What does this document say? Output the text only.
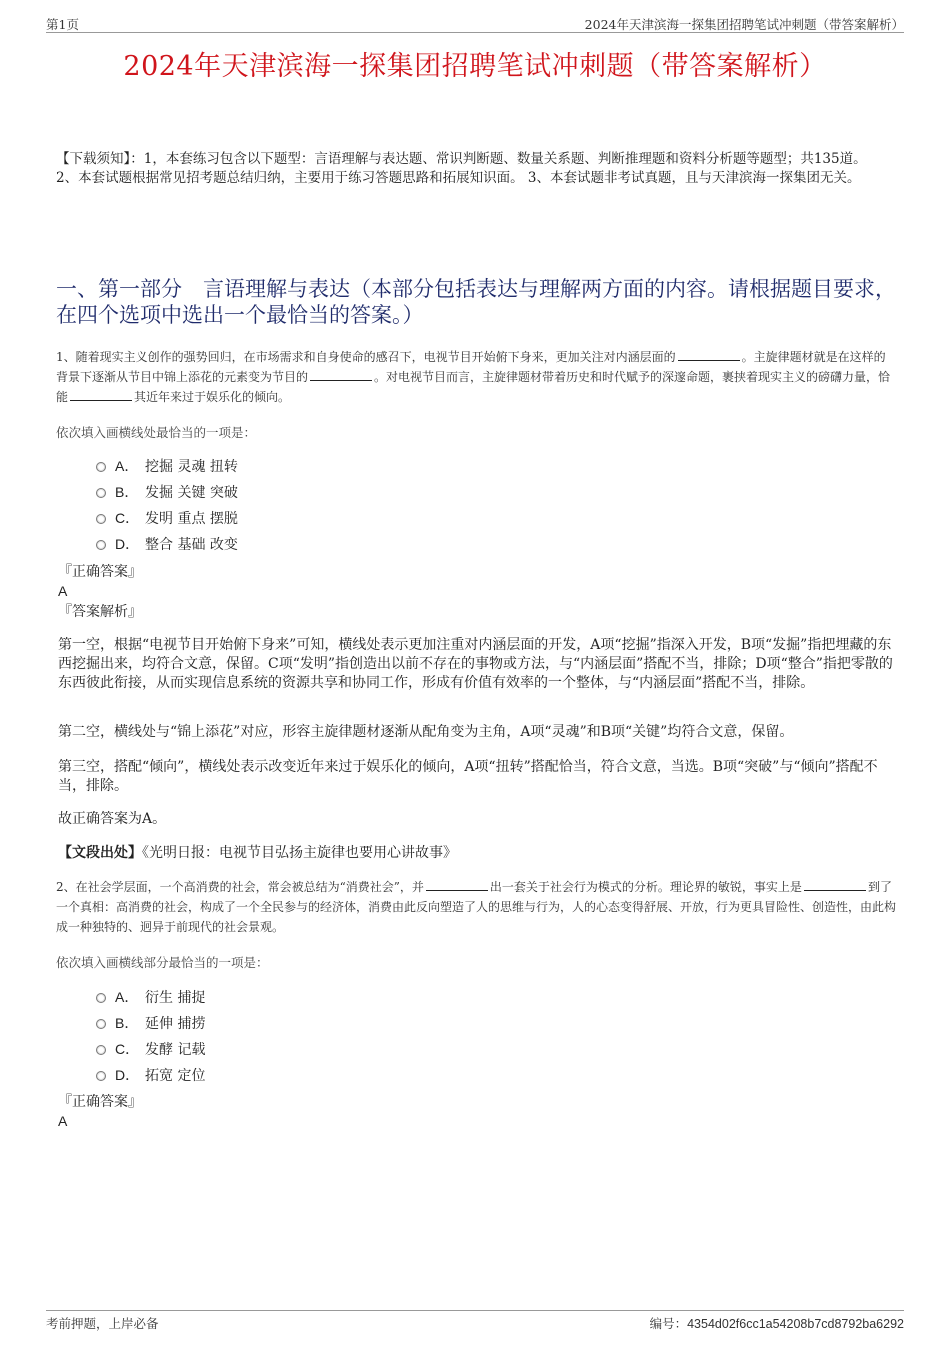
第1页	2024年天津滨海一探集团招聘笔试冲刺题（带答案解析）
2024年天津滨海一探集团招聘笔试冲刺题（带答案解析）
【下载须知】：1，本套练习包含以下题型：言语理解与表达题、常识判断题、数量关系题、判断推理题和资料分析题等题型；共135道。 2、本套试题根据常见招考题总结归纳，主要用于练习答题思路和拓展知识面。 3、本套试题非考试真题，且与天津滨海一探集团无关。
一、第一部分　言语理解与表达（本部分包括表达与理解两方面的内容。请根据题目要求，在四个选项中选出一个最恰当的答案。）
1、随着现实主义创作的强势回归，在市场需求和自身使命的感召下，电视节目开始俯下身来，更加关注对内涵层面的	。主旋律题材就是在这样的背景下逐渐从节目中锦上添花的元素变为节目的	。对电视节目而言，主旋律题材带着历史和时代赋予的深邃命题，裹挟着现实主义的磅礴力量，恰能	其近年来过于娱乐化的倾向。
依次填入画横线处最恰当的一项是：
A． 挖掘 灵魂 扭转
B． 发掘 关键 突破
C． 发明 重点 摆脱
D． 整合 基础 改变
『正确答案』
A
『答案解析』

第一空，根据“电视节目开始俯下身来”可知，横线处表示更加注重对内涵层面的开发，A项“挖掘”指深入开发，B项“发掘”指把埋藏的东西挖掘出来，均符合文意，保留。C项“发明”指创造出以前不存在的事物或方法，与“内涵层面”搭配不当，排除；D项“整合”指把零散的东西彼此衔接，从而实现信息系统的资源共享和协同工作，形成有价值有效率的一个整体，与“内涵层面”搭配不当，排除。

第二空，横线处与“锦上添花”对应，形容主旋律题材逐渐从配角变为主角，A项“灵魂”和B项“关键”均符合文意，保留。

第三空，搭配“倾向”，横线处表示改变近年来过于娱乐化的倾向，A项“扭转”搭配恰当，符合文意，当选。B项“突破”与“倾向”搭配不当，排除。

故正确答案为A。

【文段出处】《光明日报：电视节目弘扬主旋律也要用心讲故事》

2、在社会学层面，一个高消费的社会，常会被总结为“消费社会”，并	出一套关于社会行为模式的分析。理论界的敏锐，事实上是	到了一个真相：高消费的社会，构成了一个全民参与的经济体，消费由此反向塑造了人的思维与行为，人的心态变得舒展、开放，行为更具冒险性、创造性，由此构成一种独特的、迥异于前现代的社会景观。
依次填入画横线部分最恰当的一项是：
A． 衍生 捕捉
B． 延伸 捕捞
C． 发酵 记载
D． 拓宽 定位
『正确答案』
A
考前押题，上岸必备	编号：4354d02f6cc1a54208b7cd8792ba6292
